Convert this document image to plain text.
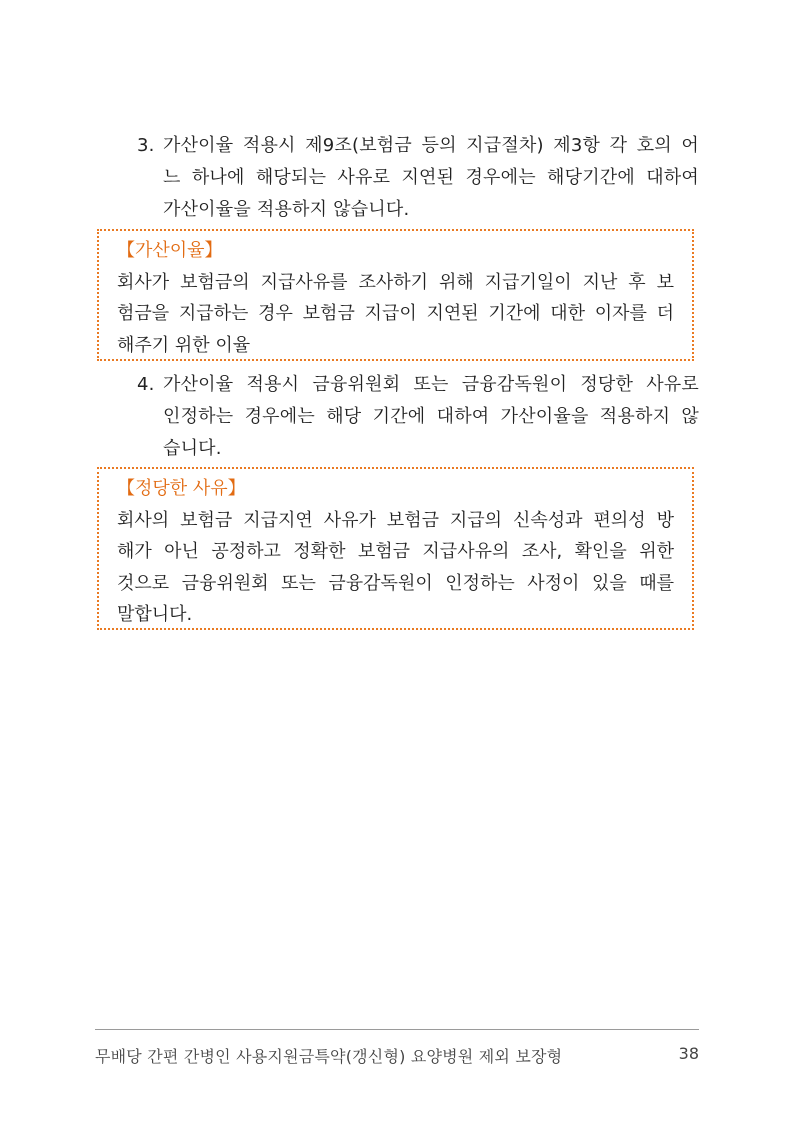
3. 가산이율 적용시 제9조(보험금 등의 지급절차) 제3항 각 호의 어
느 하나에 해당되는 사유로 지연된 경우에는 해당기간에 대하여
가산이율을 적용하지 않습니다.
【가산이율】
회사가 보험금의 지급사유를 조사하기 위해 지급기일이 지난 후 보
험금을 지급하는 경우 보험금 지급이 지연된 기간에 대한 이자를 더
해주기 위한 이율
4. 가산이율 적용시 금융위원회 또는 금융감독원이 정당한 사유로
인정하는 경우에는 해당 기간에 대하여 가산이율을 적용하지 않
습니다.
【정당한 사유】
회사의 보험금 지급지연 사유가 보험금 지급의 신속성과 편의성 방
해가 아닌 공정하고 정확한 보험금 지급사유의 조사, 확인을 위한
것으로 금융위원회 또는 금융감독원이 인정하는 사정이 있을 때를
말합니다.
무배당 간편 간병인 사용지원금특약(갱신형) 요양병원 제외 보장형	38
